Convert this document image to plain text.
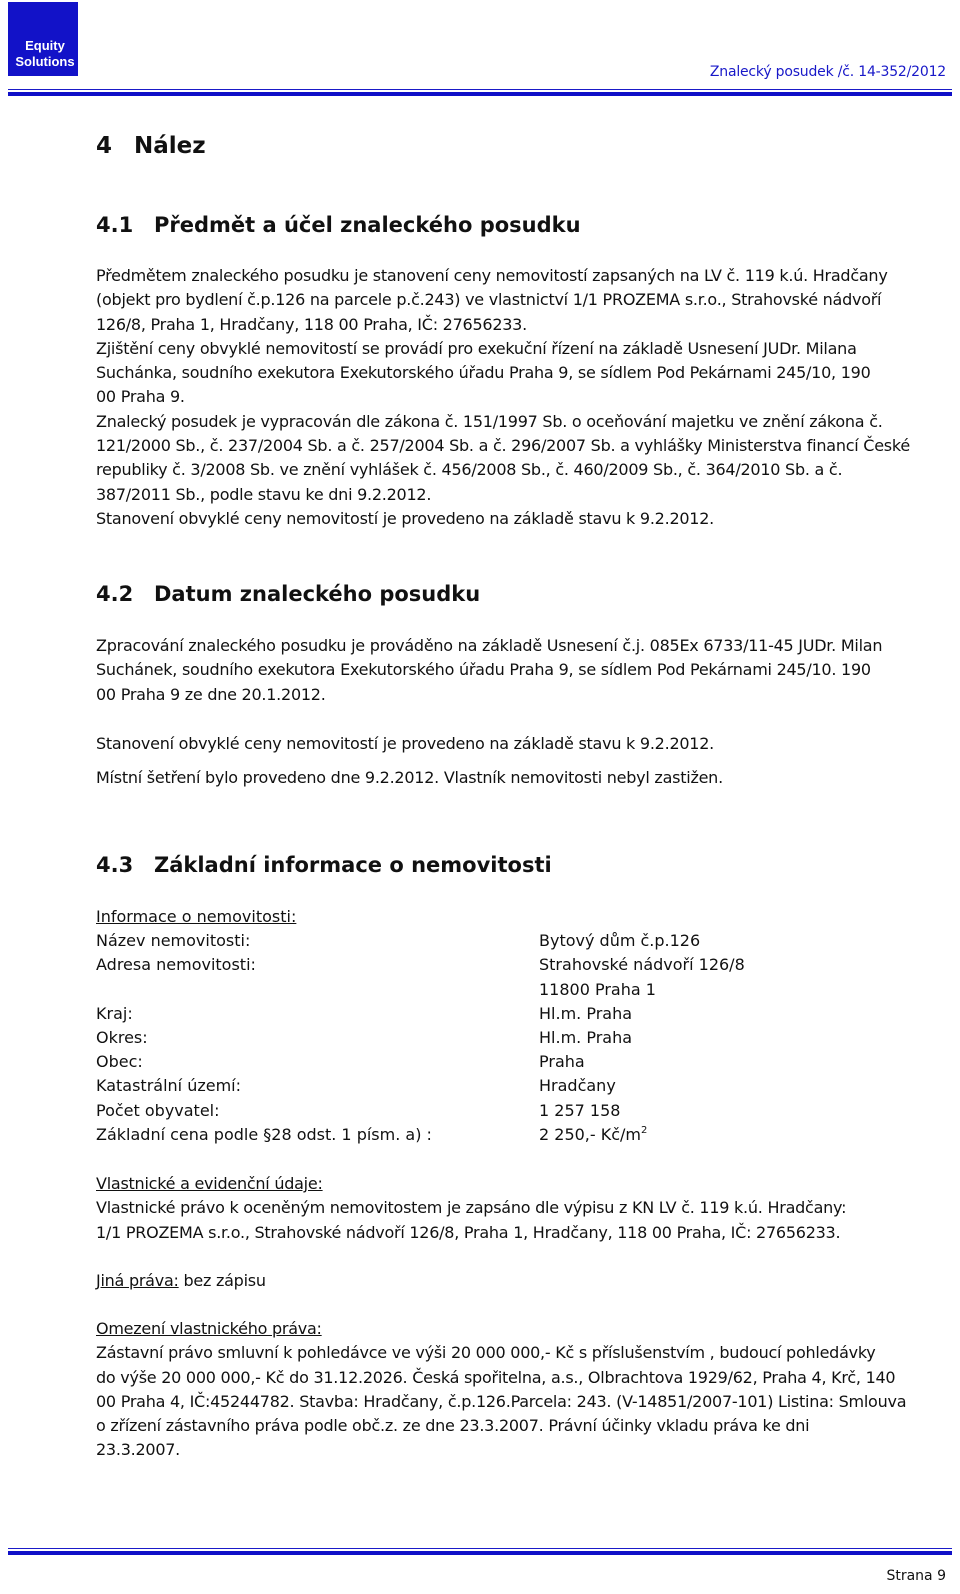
Equity
Solutions
Znalecký posudek /č. 14-352/2012
4 Nález
4.1 Předmět a účel znaleckého posudku
Předmětem znaleckého posudku je stanovení ceny nemovitostí zapsaných na LV č. 119 k.ú. Hradčany
(objekt pro bydlení č.p.126 na parcele p.č.243) ve vlastnictví 1/1 PROZEMA s.r.o., Strahovské nádvoří
126/8, Praha 1, Hradčany, 118 00 Praha, IČ: 27656233.
Zjištění ceny obvyklé nemovitostí se provádí pro exekuční řízení na základě Usnesení JUDr. Milana
Suchánka, soudního exekutora Exekutorského úřadu Praha 9, se sídlem Pod Pekárnami 245/10, 190
00 Praha 9.
Znalecký posudek je vypracován dle zákona č. 151/1997 Sb. o oceňování majetku ve znění zákona č.
121/2000 Sb., č. 237/2004 Sb. a č. 257/2004 Sb. a č. 296/2007 Sb. a vyhlášky Ministerstva financí České
republiky č. 3/2008 Sb. ve znění vyhlášek č. 456/2008 Sb., č. 460/2009 Sb., č. 364/2010 Sb. a č.
387/2011 Sb., podle stavu ke dni 9.2.2012.
Stanovení obvyklé ceny nemovitostí je provedeno na základě stavu k 9.2.2012.
4.2 Datum znaleckého posudku
Zpracování znaleckého posudku je prováděno na základě Usnesení č.j. 085Ex 6733/11-45 JUDr. Milan
Suchánek, soudního exekutora Exekutorského úřadu Praha 9, se sídlem Pod Pekárnami 245/10. 190
00 Praha 9 ze dne 20.1.2012.
Stanovení obvyklé ceny nemovitostí je provedeno na základě stavu k 9.2.2012.
Místní šetření bylo provedeno dne 9.2.2012. Vlastník nemovitosti nebyl zastižen.
4.3 Základní informace o nemovitosti
Informace o nemovitosti:
Název nemovitosti:	Bytový dům č.p.126
Adresa nemovitosti:	Strahovské nádvoří 126/8
11800 Praha 1
Kraj:	Hl.m. Praha
Okres:	Hl.m. Praha
Obec:	Praha
Katastrální území:	Hradčany
Počet obyvatel:	1 257 158
Základní cena podle §28 odst. 1 písm. a) :	2 250,- $Kč/m^2$
Vlastnické a evidenční údaje:
Vlastnické právo k oceněným nemovitostem je zapsáno dle výpisu z KN LV č. 119 k.ú. Hradčany:
1/1 PROZEMA s.r.o., Strahovské nádvoří 126/8, Praha 1, Hradčany, 118 00 Praha, IČ: 27656233.
Jiná práva: bez zápisu
Omezení vlastnického práva:
Zástavní právo smluvní k pohledávce ve výši 20 000 000,- Kč s příslušenstvím , budoucí pohledávky
do výše 20 000 000,- Kč do 31.12.2026. Česká spořitelna, a.s., Olbrachtova 1929/62, Praha 4, Krč, 140
00 Praha 4, IČ:45244782. Stavba: Hradčany, č.p.126.Parcela: 243. (V-14851/2007-101) Listina: Smlouva
o zřízení zástavního práva podle obč.z. ze dne 23.3.2007. Právní účinky vkladu práva ke dni
23.3.2007.
Strana 9
